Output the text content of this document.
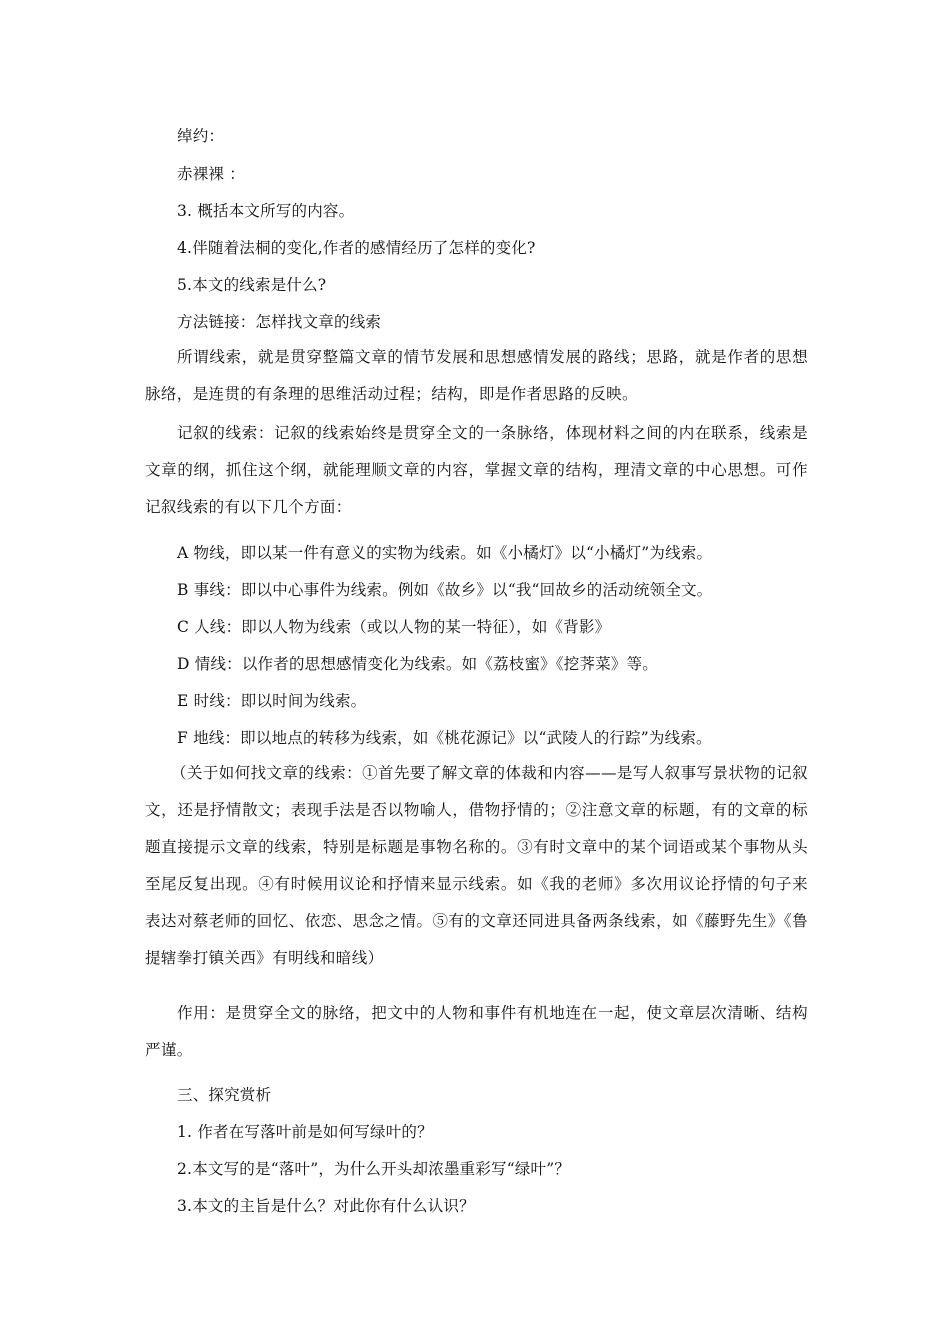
绰约：
赤裸裸 ：
3. 概括本文所写的内容。
4.伴随着法桐的变化,作者的感情经历了怎样的变化?
5.本文的线索是什么?
方法链接：怎样找文章的线索
所谓线索，就是贯穿整篇文章的情节发展和思想感情发展的路线；思路，就是作者的思想脉络，是连贯的有条理的思维活动过程；结构，即是作者思路的反映。
记叙的线索：记叙的线索始终是贯穿全文的一条脉络，体现材料之间的内在联系，线索是文章的纲，抓住这个纲，就能理顺文章的内容，掌握文章的结构，理清文章的中心思想。可作记叙线索的有以下几个方面：
A 物线，即以某一件有意义的实物为线索。如《小橘灯》以“小橘灯”为线索。
B 事线：即以中心事件为线索。例如《故乡》以“我“回故乡的活动统领全文。
C 人线：即以人物为线索（或以人物的某一特征），如《背影》
D 情线：以作者的思想感情变化为线索。如《荔枝蜜》《挖荠菜》等。
E 时线：即以时间为线索。
F 地线：即以地点的转移为线索，如《桃花源记》以“武陵人的行踪”为线索。
（关于如何找文章的线索：①首先要了解文章的体裁和内容——是写人叙事写景状物的记叙文，还是抒情散文；表现手法是否以物喻人，借物抒情的；②注意文章的标题，有的文章的标题直接提示文章的线索，特别是标题是事物名称的。③有时文章中的某个词语或某个事物从头至尾反复出现。④有时候用议论和抒情来显示线索。如《我的老师》多次用议论抒情的句子来表达对蔡老师的回忆、依恋、思念之情。⑤有的文章还同进具备两条线索，如《藤野先生》《鲁提辖拳打镇关西》有明线和暗线）
作用：是贯穿全文的脉络，把文中的人物和事件有机地连在一起，使文章层次清晰、结构严谨。
三、探究赏析
1. 作者在写落叶前是如何写绿叶的？
2.本文写的是“落叶”，为什么开头却浓墨重彩写“绿叶”？
3.本文的主旨是什么？对此你有什么认识？
